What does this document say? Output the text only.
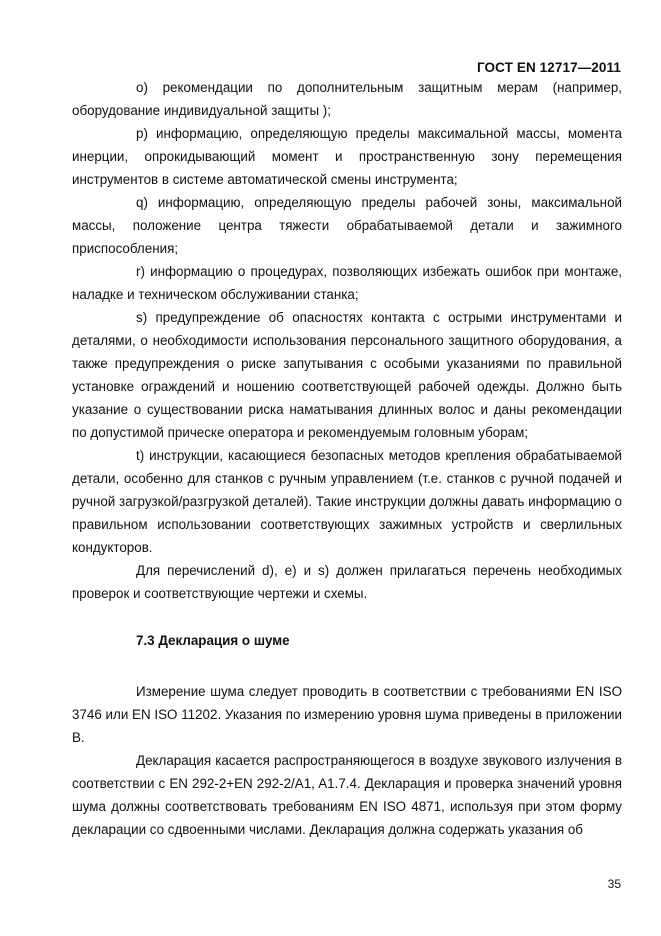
ГОСТ EN 12717—2011

o) рекомендации по дополнительным защитным мерам (например, оборудование индивидуальной защиты );

p) информацию, определяющую пределы максимальной массы, момента инерции, опрокидывающий момент и пространственную зону перемещения инструментов в системе автоматической смены инструмента;

q) информацию, определяющую пределы рабочей зоны, максимальной массы, положение центра тяжести обрабатываемой детали и зажимного приспособления;

r) информацию о процедурах, позволяющих избежать ошибок при монтаже, наладке и техническом обслуживании станка;

s) предупреждение об опасностях контакта с острыми инструментами и деталями, о необходимости использования персонального защитного оборудования, а также предупреждения о риске запутывания с особыми указаниями по правильной установке ограждений и ношению соответствующей рабочей одежды. Должно быть указание о существовании риска наматывания длинных волос и даны рекомендации по допустимой прическе оператора и рекомендуемым головным уборам;

t) инструкции, касающиеся безопасных методов крепления обрабатываемой детали, особенно для станков с ручным управлением (т.е. станков с ручной подачей и ручной загрузкой/разгрузкой деталей). Такие инструкции должны давать информацию о правильном использовании соответствующих зажимных устройств и сверлильных кондукторов.

Для перечислений d), e) и s) должен прилагаться перечень необходимых проверок и соответствующие чертежи и схемы.

7.3 Декларация о шуме

Измерение шума следует проводить в соответствии с требованиями EN ISO 3746 или EN ISO 11202. Указания по измерению уровня шума приведены в приложении B.

Декларация касается распространяющегося в воздухе звукового излучения в соответствии с EN 292-2+EN 292-2/A1, A1.7.4. Декларация и проверка значений уровня шума должны соответствовать требованиям EN ISO 4871, используя при этом форму декларации со сдвоенными числами. Декларация должна содержать указания об

35
